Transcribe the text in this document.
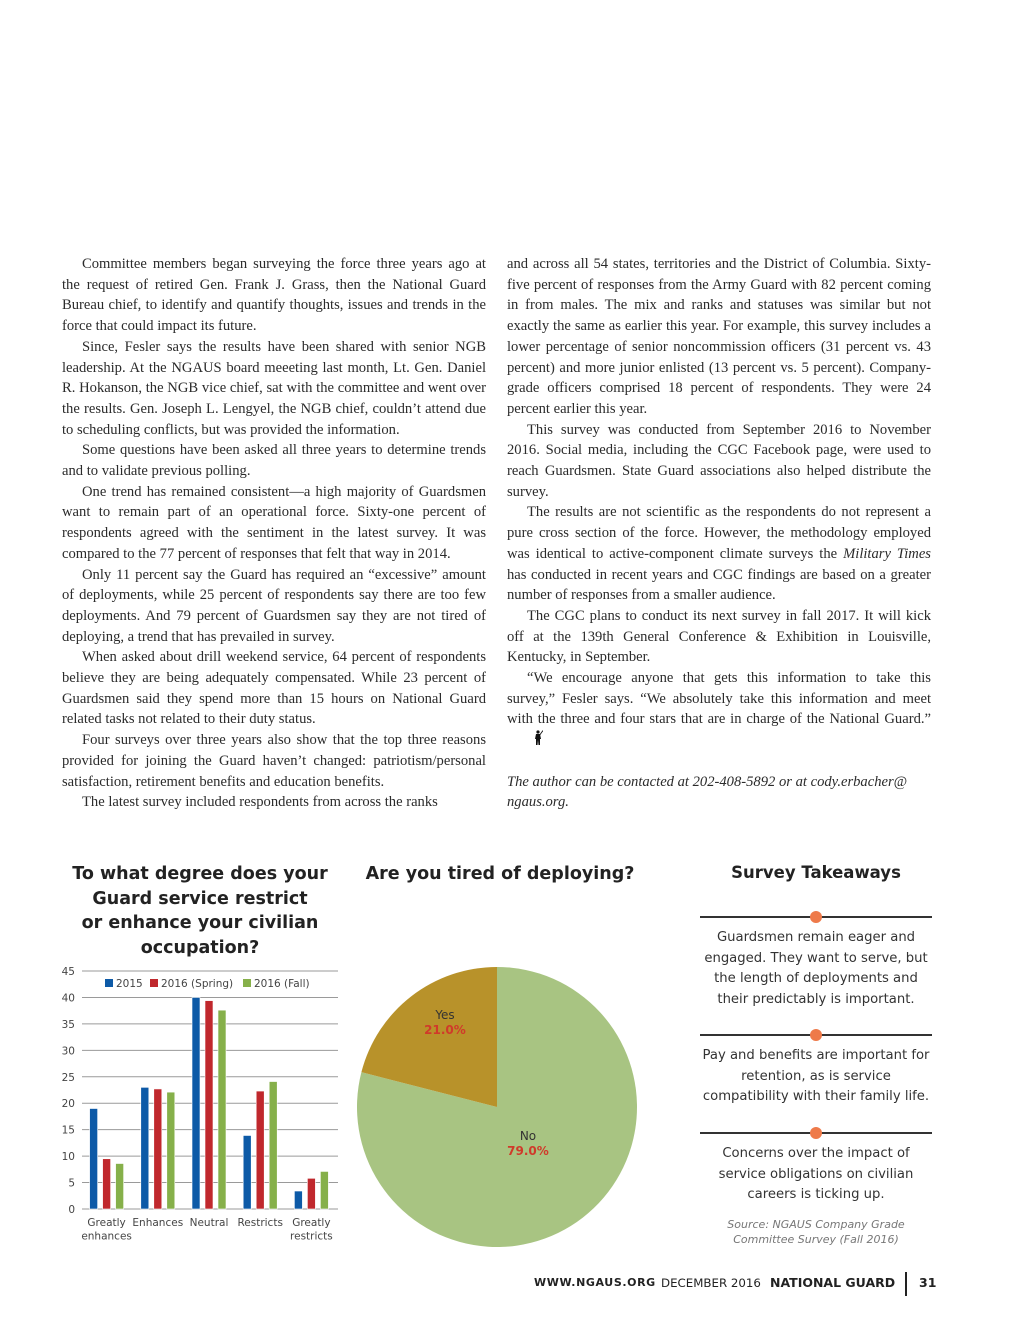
Committee members began surveying the force three years ago at the request of retired Gen. Frank J. Grass, then the National Guard Bureau chief, to identify and quantify thoughts, issues and trends in the force that could impact its future.

Since, Fesler says the results have been shared with senior NGB leadership. At the NGAUS board meeeting last month, Lt. Gen. Daniel R. Hokanson, the NGB vice chief, sat with the committee and went over the results. Gen. Joseph L. Lengyel, the NGB chief, couldn’t attend due to scheduling conflicts, but was provided the information.

Some questions have been asked all three years to determine trends and to validate previous polling.

One trend has remained consistent—a high majority of Guardsmen want to remain part of an operational force. Sixty-one percent of respondents agreed with the sentiment in the latest survey. It was compared to the 77 percent of responses that felt that way in 2014.

Only 11 percent say the Guard has required an “excessive” amount of deployments, while 25 percent of respondents say there are too few deployments. And 79 percent of Guardsmen say they are not tired of deploying, a trend that has prevailed in survey.

When asked about drill weekend service, 64 percent of respondents believe they are being adequately compensated. While 23 percent of Guardsmen said they spend more than 15 hours on National Guard related tasks not related to their duty status.

Four surveys over three years also show that the top three reasons provided for joining the Guard haven’t changed: patriotism/personal satisfaction, retirement benefits and education benefits.

The latest survey included respondents from across the ranks

and across all 54 states, territories and the District of Columbia. Sixty-five percent of responses from the Army Guard with 82 percent coming in from males. The mix and ranks and statuses was similar but not exactly the same as earlier this year. For example, this survey includes a lower percentage of senior noncommission officers (31 percent vs. 43 percent) and more junior enlisted (13 percent vs. 5 percent). Company-grade officers comprised 18 percent of respondents. They were 24 percent earlier this year.

This survey was conducted from September 2016 to November 2016. Social media, including the CGC Facebook page, were used to reach Guardsmen. State Guard associations also helped distribute the survey.

The results are not scientific as the respondents do not represent a pure cross section of the force. However, the methodology employed was identical to active-component climate surveys the Military Times has conducted in recent years and CGC findings are based on a greater number of responses from a smaller audience.

The CGC plans to conduct its next survey in fall 2017. It will kick off at the 139th General Conference & Exhibition in Louisville, Kentucky, in September.

“We encourage anyone that gets this information to take this survey,” Fesler says. “We absolutely take this information and meet with the three and four stars that are in charge of the National Guard.”

The author can be contacted at 202-408-5892 or at cody.erbacher@ ngaus.org.

To what degree does your
Guard service restrict
or enhance your civilian
occupation?
0
5
10
15
20
25
30
35
40
45
2015 2016 (Spring) 2016 (Fall)
Greatly
enhances
Enhances Neutral Restricts Greatly
restricts
Are you tired of deploying?
Yes
21.0%
No
79.0%
Survey Takeaways
Guardsmen remain eager and engaged. They want to serve, but the length of deployments and their predictably is important.
Pay and benefits are important for retention, as is service compatibility with their family life.
Concerns over the impact of service obligations on civilian careers is ticking up.
Source: NGAUS Company Grade Committee Survey (Fall 2016)
WWW.NGAUS.ORG DECEMBER 2016 NATIONAL GUARD 31
